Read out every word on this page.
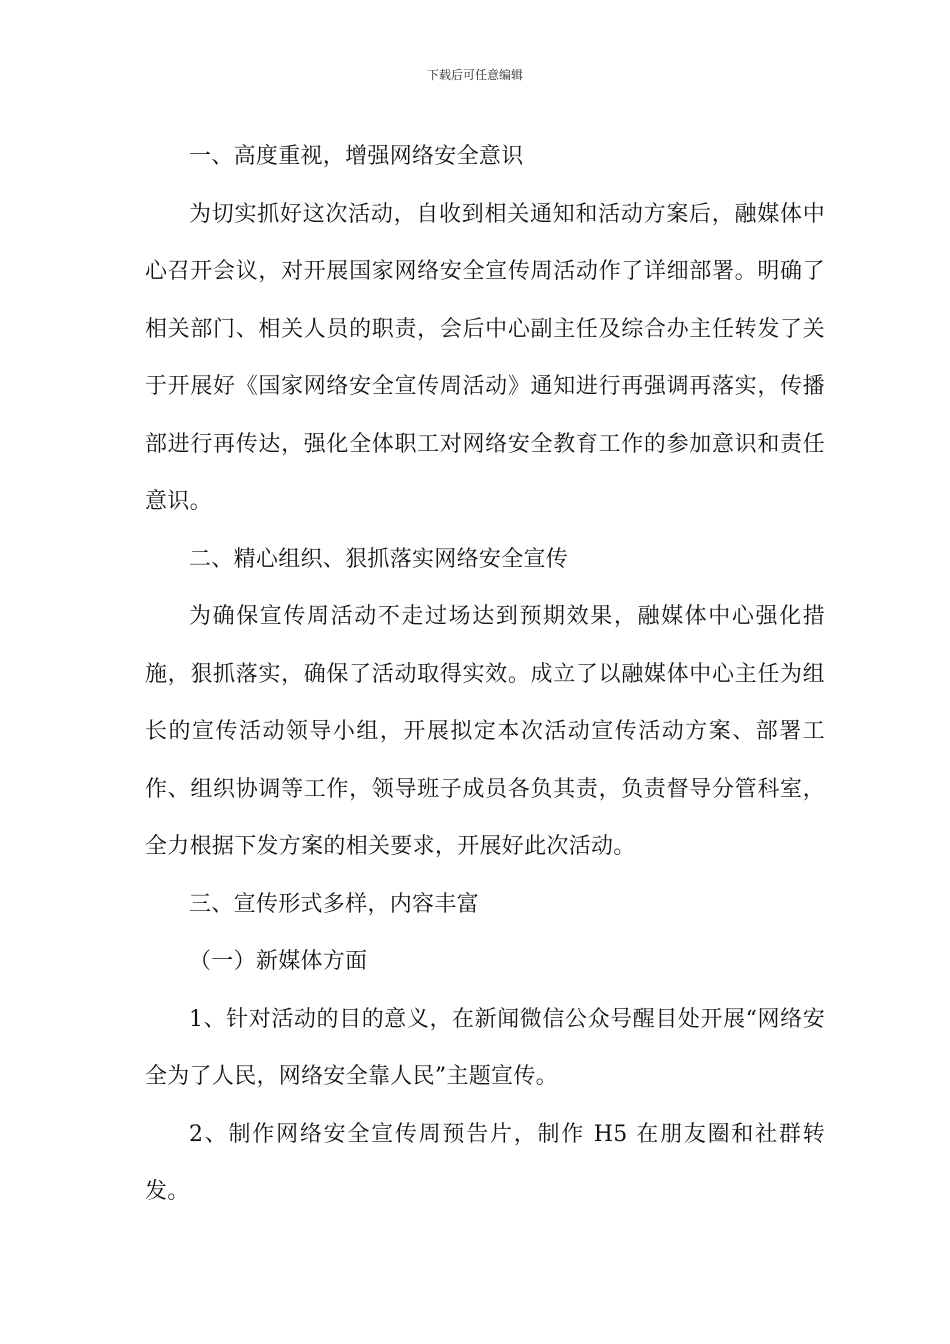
下载后可任意编辑

一、高度重视，增强网络安全意识

为切实抓好这次活动，自收到相关通知和活动方案后，融媒体中心召开会议，对开展国家网络安全宣传周活动作了详细部署。明确了相关部门、相关人员的职责，会后中心副主任及综合办主任转发了关于开展好《国家网络安全宣传周活动》通知进行再强调再落实，传播部进行再传达，强化全体职工对网络安全教育工作的参加意识和责任意识。

二、精心组织、狠抓落实网络安全宣传

为确保宣传周活动不走过场达到预期效果，融媒体中心强化措施，狠抓落实，确保了活动取得实效。成立了以融媒体中心主任为组长的宣传活动领导小组，开展拟定本次活动宣传活动方案、部署工作、组织协调等工作，领导班子成员各负其责，负责督导分管科室，全力根据下发方案的相关要求，开展好此次活动。

三、宣传形式多样，内容丰富

（一）新媒体方面

1、针对活动的目的意义，在新闻微信公众号醒目处开展“网络安全为了人民，网络安全靠人民”主题宣传。

2、制作网络安全宣传周预告片，制作 H5 在朋友圈和社群转发。
